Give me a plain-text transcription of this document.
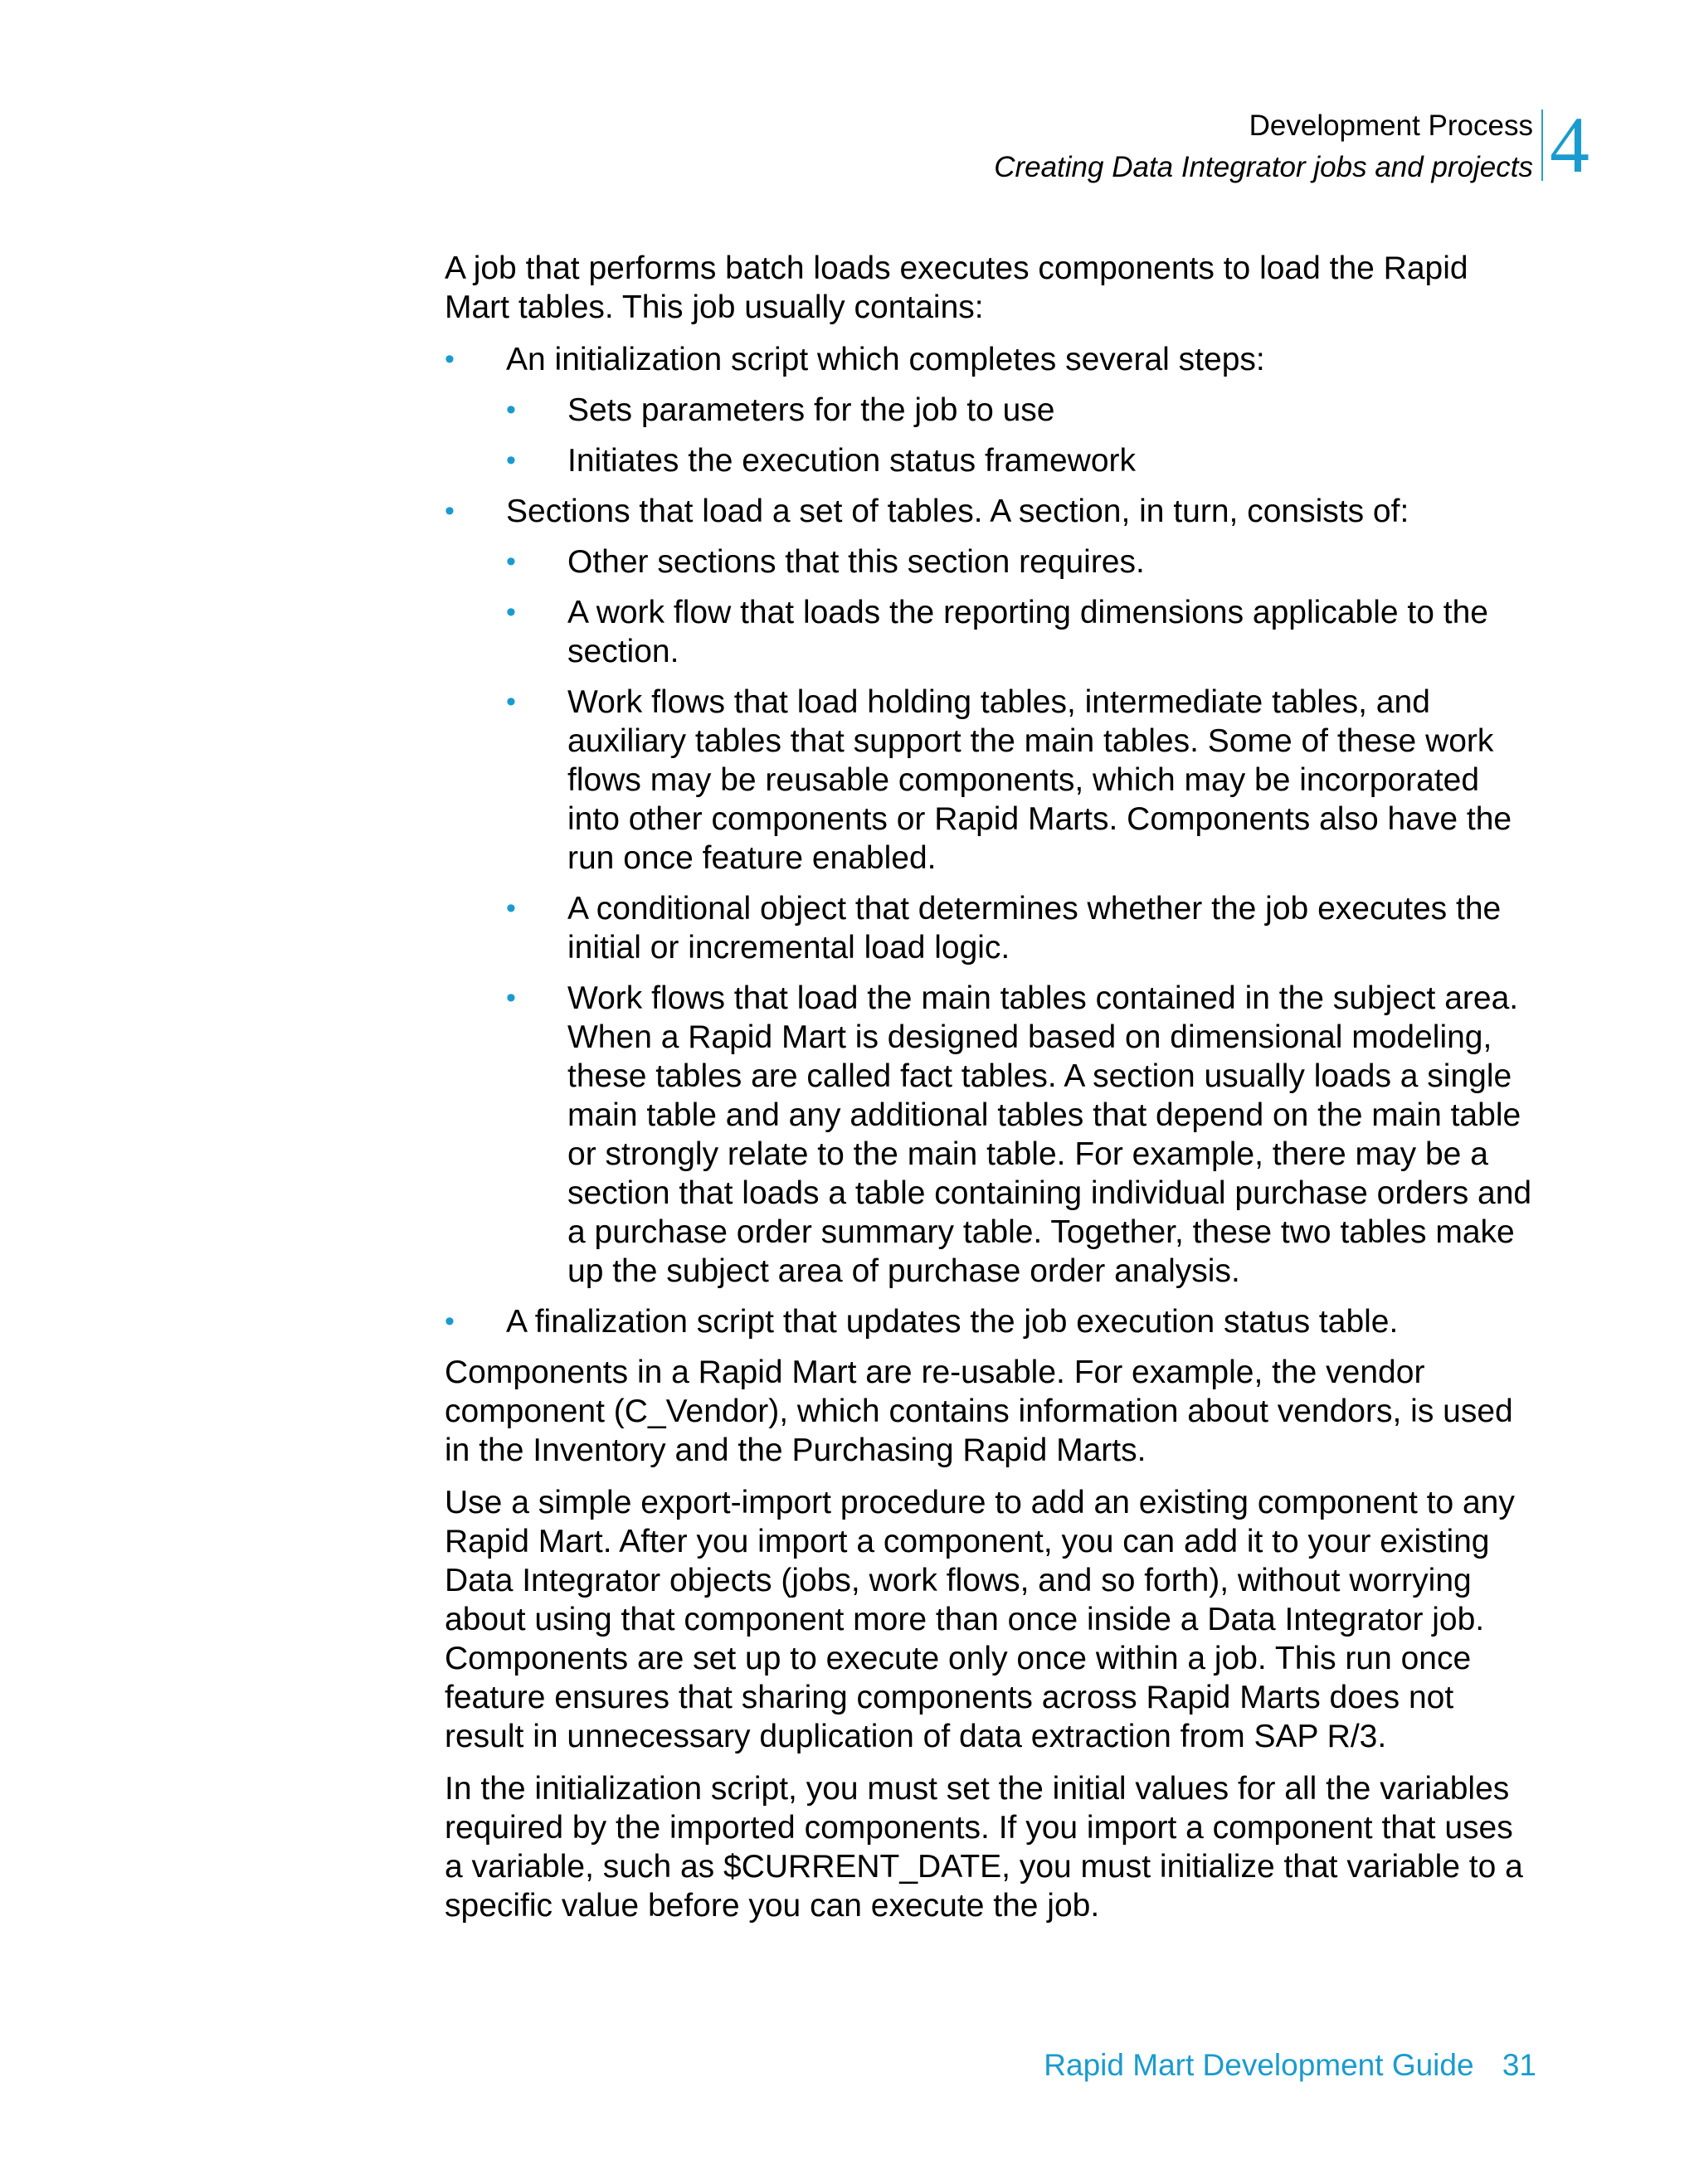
Development Process
Creating Data Integrator jobs and projects 4

A job that performs batch loads executes components to load the Rapid Mart tables. This job usually contains:

• An initialization script which completes several steps:
• Sets parameters for the job to use
• Initiates the execution status framework
• Sections that load a set of tables. A section, in turn, consists of:
• Other sections that this section requires.
• A work flow that loads the reporting dimensions applicable to the section.
• Work flows that load holding tables, intermediate tables, and auxiliary tables that support the main tables. Some of these work flows may be reusable components, which may be incorporated into other components or Rapid Marts. Components also have the run once feature enabled.
• A conditional object that determines whether the job executes the initial or incremental load logic.
• Work flows that load the main tables contained in the subject area. When a Rapid Mart is designed based on dimensional modeling, these tables are called fact tables. A section usually loads a single main table and any additional tables that depend on the main table or strongly relate to the main table. For example, there may be a section that loads a table containing individual purchase orders and a purchase order summary table. Together, these two tables make up the subject area of purchase order analysis.
• A finalization script that updates the job execution status table.

Components in a Rapid Mart are re-usable. For example, the vendor component (C_Vendor), which contains information about vendors, is used in the Inventory and the Purchasing Rapid Marts.

Use a simple export-import procedure to add an existing component to any Rapid Mart. After you import a component, you can add it to your existing Data Integrator objects (jobs, work flows, and so forth), without worrying about using that component more than once inside a Data Integrator job. Components are set up to execute only once within a job. This run once feature ensures that sharing components across Rapid Marts does not result in unnecessary duplication of data extraction from SAP R/3.

In the initialization script, you must set the initial values for all the variables required by the imported components. If you import a component that uses a variable, such as $CURRENT_DATE, you must initialize that variable to a specific value before you can execute the job.

Rapid Mart Development Guide 31
